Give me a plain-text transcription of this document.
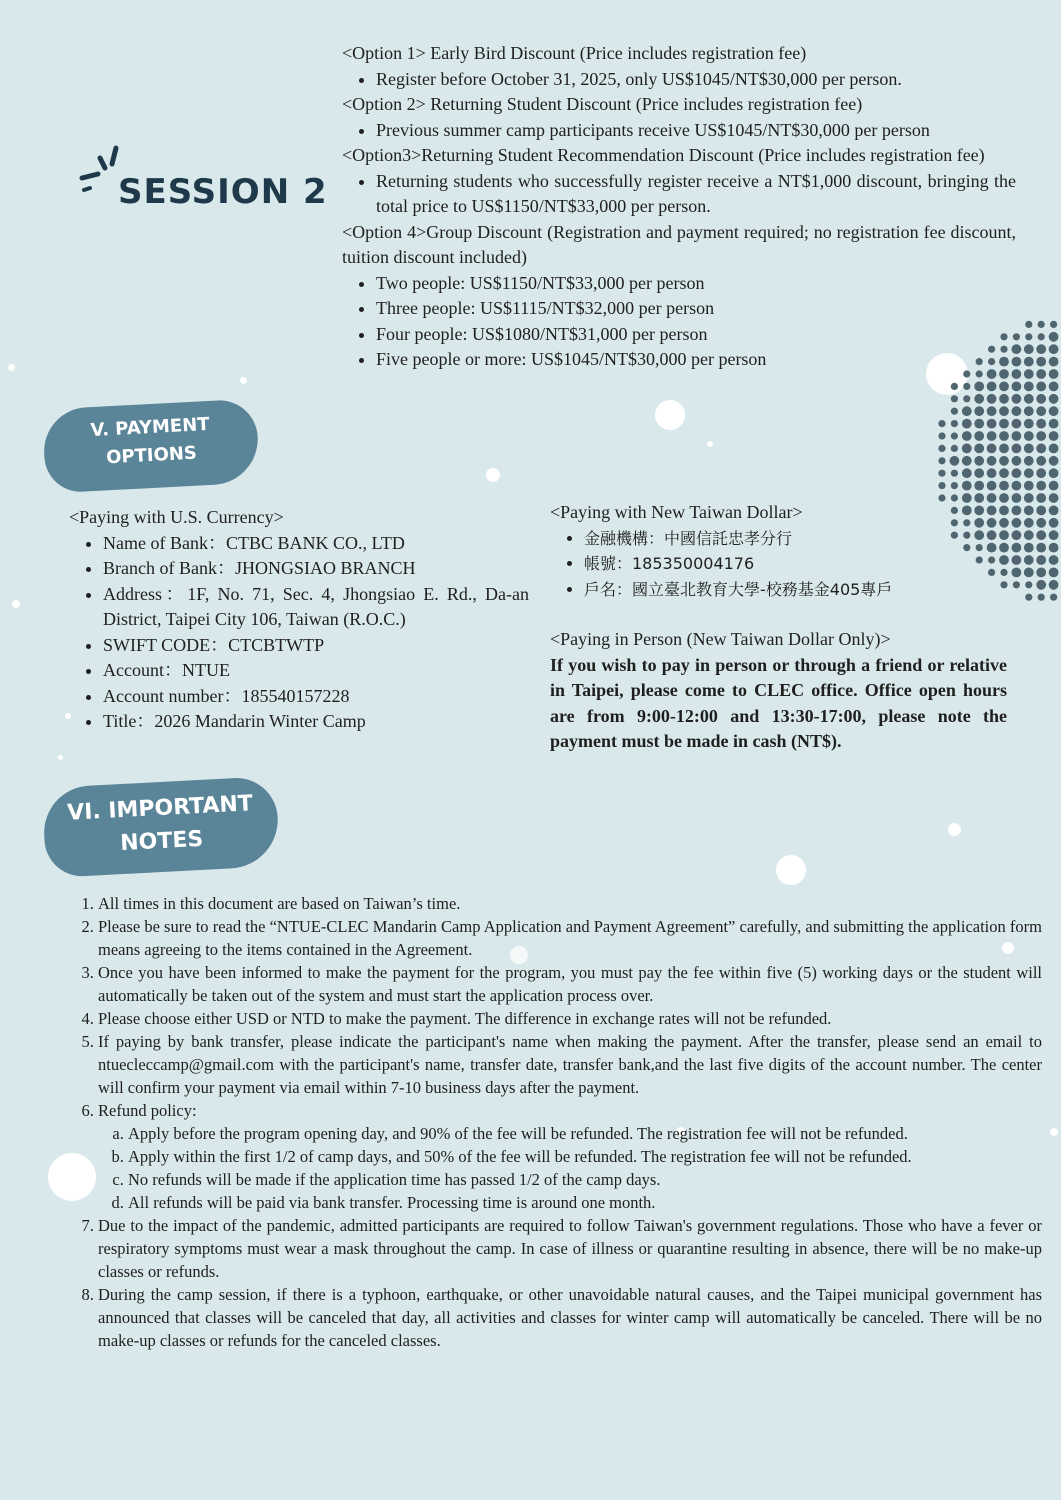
SESSION 2

<Option 1> Early Bird Discount (Price includes registration fee)

• Register before October 31, 2025, only US$1045/NT$30,000 per person.

<Option 2> Returning Student Discount (Price includes registration fee)

• Previous summer camp participants receive US$1045/NT$30,000 per person

<Option3>Returning Student Recommendation Discount (Price includes registration fee)

• Returning students who successfully register receive a NT$1,000 discount, bringing the total price to US$1150/NT$33,000 per person.

<Option 4>Group Discount (Registration and payment required; no registration fee discount, tuition discount included)

• Two people: US$1150/NT$33,000 per person
• Three people: US$1115/NT$32,000 per person
• Four people: US$1080/NT$31,000 per person
• Five people or more: US$1045/NT$30,000 per person
V. PAYMENT
OPTIONS

<Paying with U.S. Currency>

• Name of Bank：CTBC BANK CO., LTD
• Branch of Bank：JHONGSIAO BRANCH
• Address：1F, No. 71, Sec. 4, Jhongsiao E. Rd., Da-an District, Taipei City 106, Taiwan (R.O.C.)
• SWIFT CODE：CTCBTWTP
• Account：NTUE
• Account number：185540157228
• Title：2026 Mandarin Winter Camp

<Paying with New Taiwan Dollar>

• 金融機構：中國信託忠孝分行
• 帳號：185350004176
• 戶名：國立臺北教育大學-校務基金405專戶

<Paying in Person (New Taiwan Dollar Only)>

If you wish to pay in person or through a friend or relative in Taipei, please come to CLEC office. Office open hours are from 9:00-12:00 and 13:30-17:00, please note the payment must be made in cash (NT$).

VI. IMPORTANT
NOTES
1. All times in this document are based on Taiwan’s time.
2. Please be sure to read the “NTUE-CLEC Mandarin Camp Application and Payment Agreement” carefully, and submitting the application form means agreeing to the items contained in the Agreement.
3. Once you have been informed to make the payment for the program, you must pay the fee within five (5) working days or the student will automatically be taken out of the system and must start the application process over.
4. Please choose either USD or NTD to make the payment. The difference in exchange rates will not be refunded.
5. If paying by bank transfer, please indicate the participant's name when making the payment. After the transfer, please send an email to ntuecleccamp@gmail.com with the participant's name, transfer date, transfer bank,and the last five digits of the account number. The center will confirm your payment via email within 7-10 business days after the payment.
6. Refund policy:
a. Apply before the program opening day, and 90% of the fee will be refunded. The registration fee will not be refunded.
b. Apply within the first 1/2 of camp days, and 50% of the fee will be refunded. The registration fee will not be refunded.
c. No refunds will be made if the application time has passed 1/2 of the camp days.
d. All refunds will be paid via bank transfer. Processing time is around one month.
7. Due to the impact of the pandemic, admitted participants are required to follow Taiwan's government regulations. Those who have a fever or respiratory symptoms must wear a mask throughout the camp. In case of illness or quarantine resulting in absence, there will be no make-up classes or refunds.
8. During the camp session, if there is a typhoon, earthquake, or other unavoidable natural causes, and the Taipei municipal government has announced that classes will be canceled that day, all activities and classes for winter camp will automatically be canceled. There will be no make-up classes or refunds for the canceled classes.
